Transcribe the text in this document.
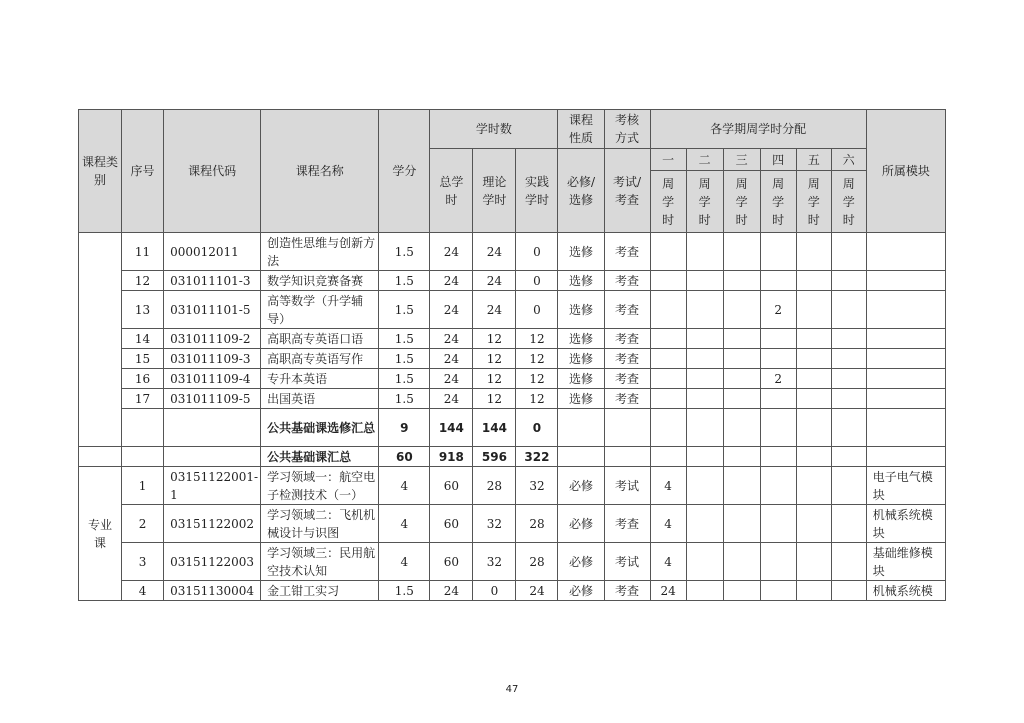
课程类别	序号	课程代码	课程名称	学分	学时数			课程性质	考核方式	各学期周学时分配						所属模块
					总学时	理论学时	实践学时	必修/选修	考试/考查	一	二	三	四	五	六	
										周学时	周学时	周学时	周学时	周学时	周学时	
	11	000012011	创造性思维与创新方法	1.5	24	24	0	选修	考查							
	12	031011101-3	数学知识竞赛备赛	1.5	24	24	0	选修	考查							
	13	031011101-5	高等数学（升学辅导）	1.5	24	24	0	选修	考查				2			
	14	031011109-2	高职高专英语口语	1.5	24	12	12	选修	考查							
	15	031011109-3	高职高专英语写作	1.5	24	12	12	选修	考查							
	16	031011109-4	专升本英语	1.5	24	12	12	选修	考查				2			
	17	031011109-5	出国英语	1.5	24	12	12	选修	考查							
			公共基础课选修汇总	9	144	144	0									
			公共基础课汇总	60	918	596	322									
专业课	1	03151122001-1	学习领域一：航空电子检测技术（一）	4	60	28	32	必修	考试	4						电子电气模块
	2	03151122002	学习领域二：飞机机械设计与识图	4	60	32	28	必修	考查	4						机械系统模块
	3	03151122003	学习领域三：民用航空技术认知	4	60	32	28	必修	考试	4						基础维修模块
	4	03151130004	金工钳工实习	1.5	24	0	24	必修	考查	24						机械系统模
47
